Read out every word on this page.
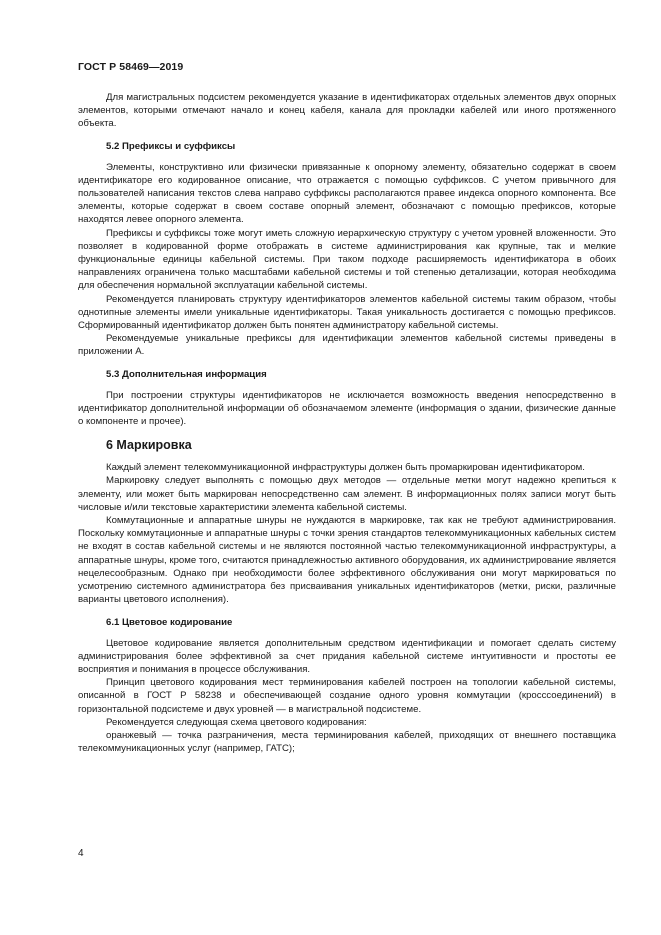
ГОСТ Р 58469—2019

Для магистральных подсистем рекомендуется указание в идентификаторах отдельных элементов двух опорных элементов, которыми отмечают начало и конец кабеля, канала для прокладки кабелей или иного протяженного объекта.

5.2 Префиксы и суффиксы

Элементы, конструктивно или физически привязанные к опорному элементу, обязательно содержат в своем идентификаторе его кодированное описание, что отражается с помощью суффиксов. С учетом привычного для пользователей написания текстов слева направо суффиксы располагаются правее индекса опорного компонента. Все элементы, которые содержат в своем составе опорный элемент, обозначают с помощью префиксов, которые находятся левее опорного элемента.

Префиксы и суффиксы тоже могут иметь сложную иерархическую структуру с учетом уровней вложенности. Это позволяет в кодированной форме отображать в системе администрирования как крупные, так и мелкие функциональные единицы кабельной системы. При таком подходе расширяемость идентификатора в обоих направлениях ограничена только масштабами кабельной системы и той степенью детализации, которая необходима для обеспечения нормальной эксплуатации кабельной системы.

Рекомендуется планировать структуру идентификаторов элементов кабельной системы таким образом, чтобы однотипные элементы имели уникальные идентификаторы. Такая уникальность достигается с помощью префиксов. Сформированный идентификатор должен быть понятен администратору кабельной системы.

Рекомендуемые уникальные префиксы для идентификации элементов кабельной системы приведены в приложении А.

5.3 Дополнительная информация

При построении структуры идентификаторов не исключается возможность введения непосредственно в идентификатор дополнительной информации об обозначаемом элементе (информация о здании, физические данные о компоненте и прочее).

6 Маркировка

Каждый элемент телекоммуникационной инфраструктуры должен быть промаркирован идентификатором.

Маркировку следует выполнять с помощью двух методов — отдельные метки могут надежно крепиться к элементу, или может быть маркирован непосредственно сам элемент. В информационных полях записи могут быть числовые и/или текстовые характеристики элемента кабельной системы.

Коммутационные и аппаратные шнуры не нуждаются в маркировке, так как не требуют администрирования. Поскольку коммутационные и аппаратные шнуры с точки зрения стандартов телекоммуникационных кабельных систем не входят в состав кабельной системы и не являются постоянной частью телекоммуникационной инфраструктуры, а аппаратные шнуры, кроме того, считаются принадлежностью активного оборудования, их администрирование является нецелесообразным. Однако при необходимости более эффективного обслуживания они могут маркироваться по усмотрению системного администратора без присваивания уникальных идентификаторов (метки, риски, различные варианты цветового исполнения).

6.1 Цветовое кодирование

Цветовое кодирование является дополнительным средством идентификации и помогает сделать систему администрирования более эффективной за счет придания кабельной системе интуитивности и простоты ее восприятия и понимания в процессе обслуживания.

Принцип цветового кодирования мест терминирования кабелей построен на топологии кабельной системы, описанной в ГОСТ Р 58238 и обеспечивающей создание одного уровня коммутации (кросссоединений) в горизонтальной подсистеме и двух уровней — в магистральной подсистеме.

Рекомендуется следующая схема цветового кодирования:

оранжевый — точка разграничения, места терминирования кабелей, приходящих от внешнего поставщика телекоммуникационных услуг (например, ГАТС);

4
